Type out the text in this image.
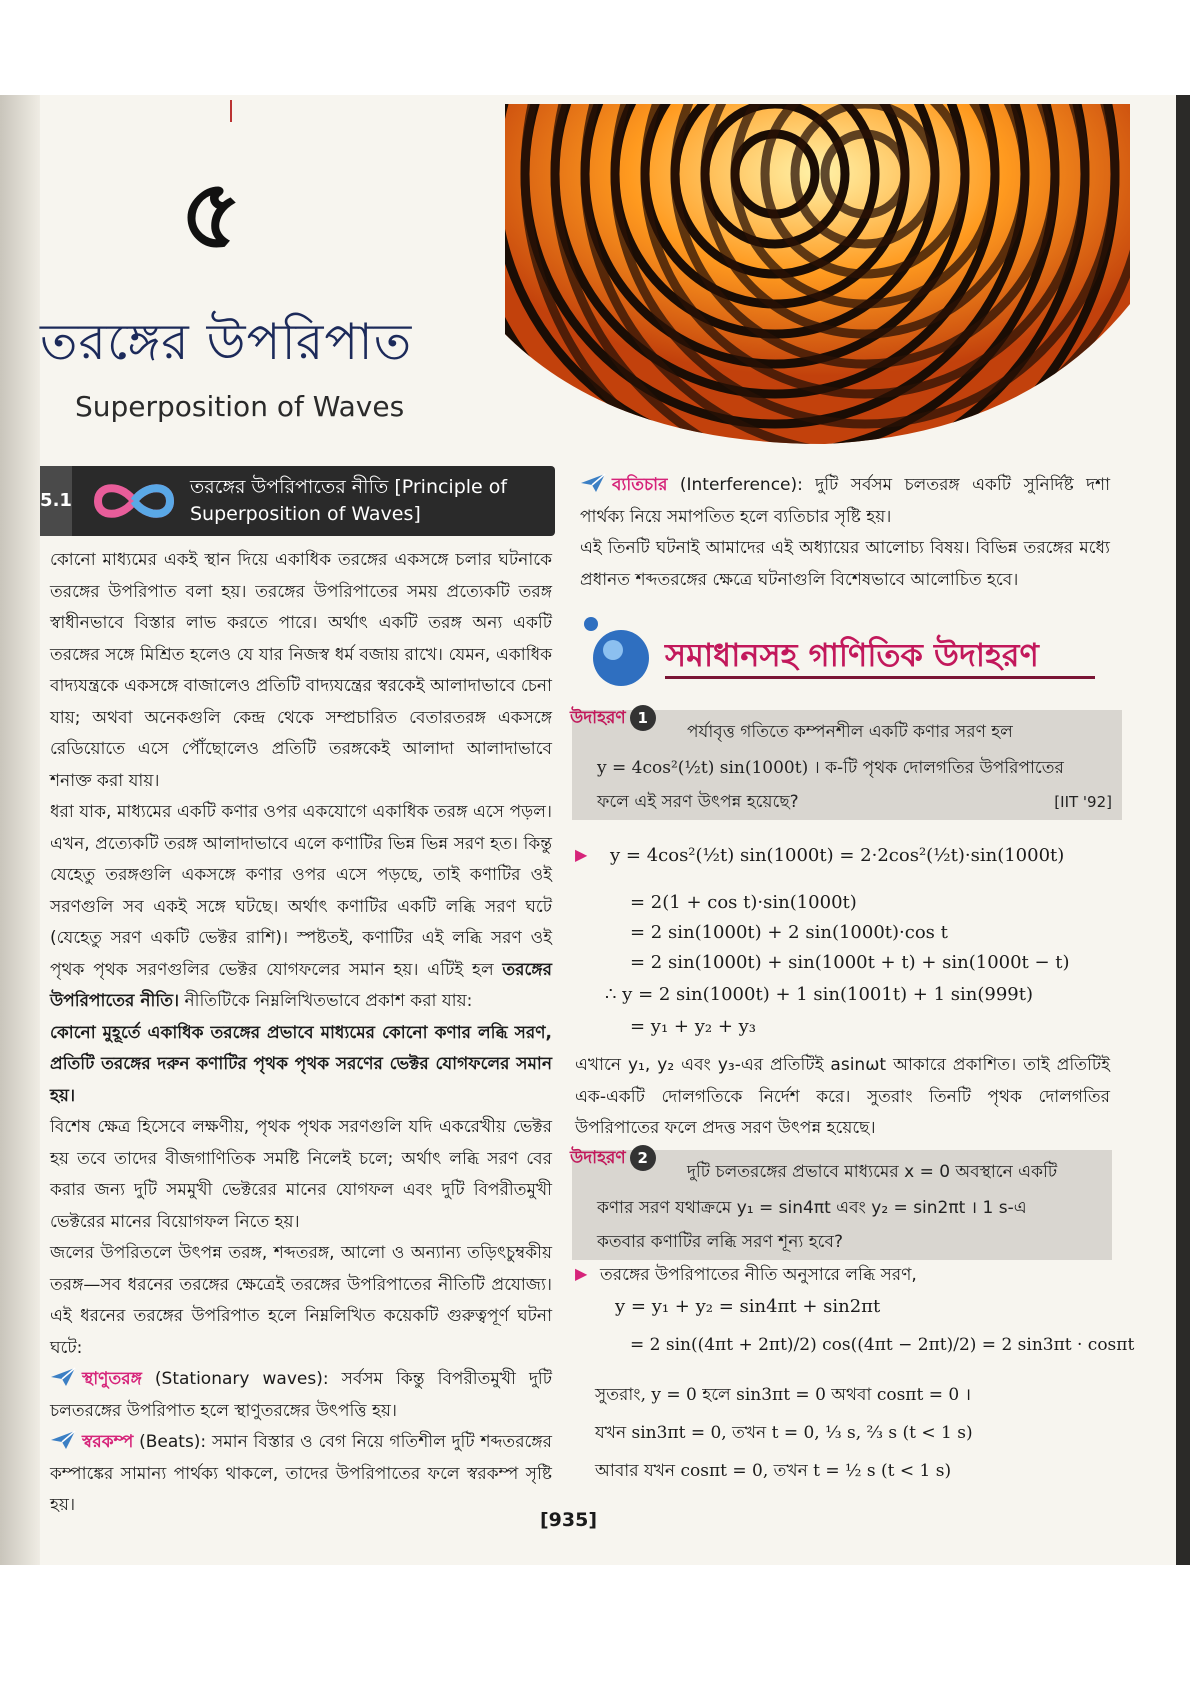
৫
তরঙ্গের উপরিপাত
Superposition of Waves
5.1
তরঙ্গের উপরিপাতের নীতি [Principle of Superposition of Waves]

কোনো মাধ্যমের একই স্থান দিয়ে একাধিক তরঙ্গের একসঙ্গে চলার ঘটনাকে তরঙ্গের উপরিপাত বলা হয়। তরঙ্গের উপরিপাতের সময় প্রত্যেকটি তরঙ্গ স্বাধীনভাবে বিস্তার লাভ করতে পারে। অর্থাৎ একটি তরঙ্গ অন্য একটি তরঙ্গের সঙ্গে মিশ্রিত হলেও যে যার নিজস্ব ধর্ম বজায় রাখে। যেমন, একাধিক বাদ্যযন্ত্রকে একসঙ্গে বাজালেও প্রতিটি বাদ্যযন্ত্রের স্বরকেই আলাদাভাবে চেনা যায়; অথবা অনেকগুলি কেন্দ্র থেকে সম্প্রচারিত বেতারতরঙ্গ একসঙ্গে রেডিয়োতে এসে পৌঁছোলেও প্রতিটি তরঙ্গকেই আলাদা আলাদাভাবে শনাক্ত করা যায়।

ধরা যাক, মাধ্যমের একটি কণার ওপর একযোগে একাধিক তরঙ্গ এসে পড়ল। এখন, প্রত্যেকটি তরঙ্গ আলাদাভাবে এলে কণাটির ভিন্ন ভিন্ন সরণ হত। কিন্তু যেহেতু তরঙ্গগুলি একসঙ্গে কণার ওপর এসে পড়ছে, তাই কণাটির ওই সরণগুলি সব একই সঙ্গে ঘটছে। অর্থাৎ কণাটির একটি লব্ধি সরণ ঘটে (যেহেতু সরণ একটি ভেক্টর রাশি)। স্পষ্টতই, কণাটির এই লব্ধি সরণ ওই পৃথক পৃথক সরণগুলির ভেক্টর যোগফলের সমান হয়। এটিই হল তরঙ্গের উপরিপাতের নীতি। নীতিটিকে নিম্নলিখিতভাবে প্রকাশ করা যায়:

কোনো মুহূর্তে একাধিক তরঙ্গের প্রভাবে মাধ্যমের কোনো কণার লব্ধি সরণ, প্রতিটি তরঙ্গের দরুন কণাটির পৃথক পৃথক সরণের ভেক্টর যোগফলের সমান হয়।

বিশেষ ক্ষেত্র হিসেবে লক্ষণীয়, পৃথক পৃথক সরণগুলি যদি একরেখীয় ভেক্টর হয় তবে তাদের বীজগাণিতিক সমষ্টি নিলেই চলে; অর্থাৎ লব্ধি সরণ বের করার জন্য দুটি সমমুখী ভেক্টরের মানের যোগফল এবং দুটি বিপরীতমুখী ভেক্টরের মানের বিয়োগফল নিতে হয়।

জলের উপরিতলে উৎপন্ন তরঙ্গ, শব্দতরঙ্গ, আলো ও অন্যান্য তড়িৎচুম্বকীয় তরঙ্গ—সব ধরনের তরঙ্গের ক্ষেত্রেই তরঙ্গের উপরিপাতের নীতিটি প্রযোজ্য। এই ধরনের তরঙ্গের উপরিপাত হলে নিম্নলিখিত কয়েকটি গুরুত্বপূর্ণ ঘটনা ঘটে:

স্থাণুতরঙ্গ (Stationary waves): সর্বসম কিন্তু বিপরীতমুখী দুটি চলতরঙ্গের উপরিপাত হলে স্থাণুতরঙ্গের উৎপত্তি হয়।

স্বরকম্প (Beats): সমান বিস্তার ও বেগ নিয়ে গতিশীল দুটি শব্দতরঙ্গের কম্পাঙ্কের সামান্য পার্থক্য থাকলে, তাদের উপরিপাতের ফলে স্বরকম্প সৃষ্টি হয়।

ব্যতিচার (Interference): দুটি সর্বসম চলতরঙ্গ একটি সুনির্দিষ্ট দশা পার্থক্য নিয়ে সমাপতিত হলে ব্যতিচার সৃষ্টি হয়।

এই তিনটি ঘটনাই আমাদের এই অধ্যায়ের আলোচ্য বিষয়। বিভিন্ন তরঙ্গের মধ্যে প্রধানত শব্দতরঙ্গের ক্ষেত্রে ঘটনাগুলি বিশেষভাবে আলোচিত হবে।

সমাধানসহ গাণিতিক উদাহরণ
উদাহরণ 1
পর্যাবৃত্ত গতিতে কম্পনশীল একটি কণার সরণ হল
y = 4cos²(½t) sin(1000t) । ক-টি পৃথক দোলগতির উপরিপাতের
ফলে এই সরণ উৎপন্ন হয়েছে?	[IIT '92]
▶ y = 4cos²(½t) sin(1000t) = 2·2cos²(½t)·sin(1000t)
= 2(1 + cos t)·sin(1000t)
= 2 sin(1000t) + 2 sin(1000t)·cos t
= 2 sin(1000t) + sin(1000t + t) + sin(1000t − t)
∴ y = 2 sin(1000t) + 1 sin(1001t) + 1 sin(999t)
= y₁ + y₂ + y₃
এখানে y₁, y₂ এবং y₃-এর প্রতিটিই asinωt আকারে প্রকাশিত। তাই প্রতিটিই এক-একটি দোলগতিকে নির্দেশ করে। সুতরাং তিনটি পৃথক দোলগতির উপরিপাতের ফলে প্রদত্ত সরণ উৎপন্ন হয়েছে।
উদাহরণ 2
দুটি চলতরঙ্গের প্রভাবে মাধ্যমের x = 0 অবস্থানে একটি
কণার সরণ যথাক্রমে y₁ = sin4πt এবং y₂ = sin2πt । 1 s-এ
কতবার কণাটির লব্ধি সরণ শূন্য হবে?
▶ তরঙ্গের উপরিপাতের নীতি অনুসারে লব্ধি সরণ,
y = y₁ + y₂ = sin4πt + sin2πt
= 2 sin((4πt + 2πt)/2) cos((4πt − 2πt)/2) = 2 sin3πt · cosπt
সুতরাং, y = 0 হলে sin3πt = 0 অথবা cosπt = 0 ।
যখন sin3πt = 0, তখন t = 0, ⅓ s, ⅔ s (t < 1 s)
আবার যখন cosπt = 0, তখন t = ½ s (t < 1 s)
[935]
